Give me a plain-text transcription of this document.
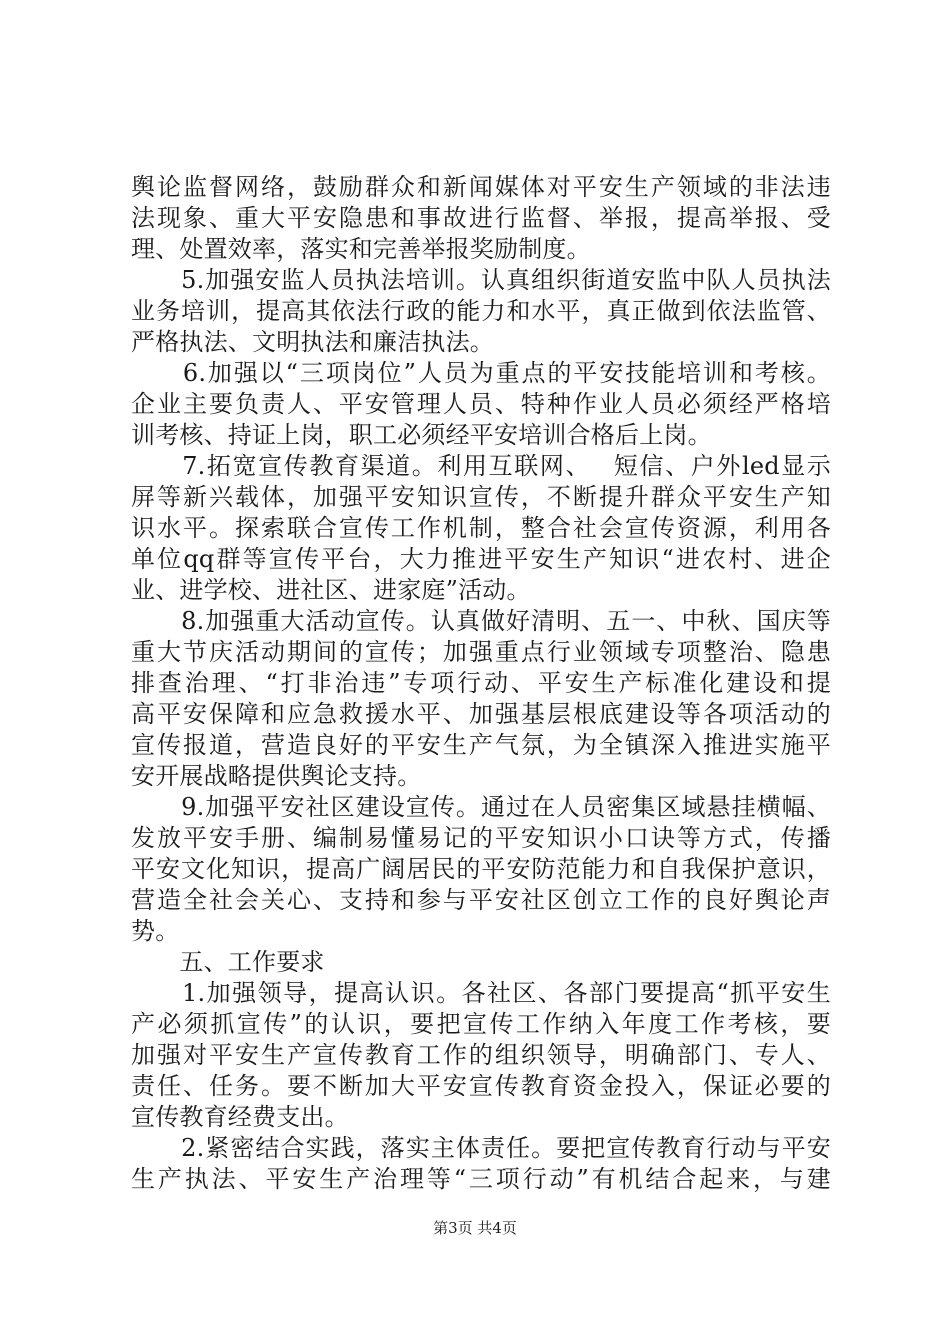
舆论监督网络，鼓励群众和新闻媒体对平安生产领域的非法违
法现象、重大平安隐患和事故进行监督、举报，提高举报、受
理、处置效率，落实和完善举报奖励制度。
　　5.加强安监人员执法培训。认真组织街道安监中队人员执法
业务培训，提高其依法行政的能力和水平，真正做到依法监管、
严格执法、文明执法和廉洁执法。
　　6.加强以“三项岗位”人员为重点的平安技能培训和考核。
企业主要负责人、平安管理人员、特种作业人员必须经严格培
训考核、持证上岗，职工必须经平安培训合格后上岗。
　　7.拓宽宣传教育渠道。利用互联网、　 短信、户外led显示
屏等新兴载体，加强平安知识宣传，不断提升群众平安生产知
识水平。探索联合宣传工作机制，整合社会宣传资源，利用各
单位qq群等宣传平台，大力推进平安生产知识“进农村、进企
业、进学校、进社区、进家庭”活动。
　　8.加强重大活动宣传。认真做好清明、五一、中秋、国庆等
重大节庆活动期间的宣传；加强重点行业领域专项整治、隐患
排查治理、“打非治违”专项行动、平安生产标准化建设和提
高平安保障和应急救援水平、加强基层根底建设等各项活动的
宣传报道，营造良好的平安生产气氛，为全镇深入推进实施平
安开展战略提供舆论支持。
　　9.加强平安社区建设宣传。通过在人员密集区域悬挂横幅、
发放平安手册、编制易懂易记的平安知识小口诀等方式，传播
平安文化知识，提高广阔居民的平安防范能力和自我保护意识，
营造全社会关心、支持和参与平安社区创立工作的良好舆论声
势。
　　五、工作要求
　　1.加强领导，提高认识。各社区、各部门要提高“抓平安生
产必须抓宣传”的认识，要把宣传工作纳入年度工作考核，要
加强对平安生产宣传教育工作的组织领导，明确部门、专人、
责任、任务。要不断加大平安宣传教育资金投入，保证必要的
宣传教育经费支出。
　　2.紧密结合实践，落实主体责任。要把宣传教育行动与平安
生产执法、平安生产治理等“三项行动”有机结合起来，与建
第3页 共4页
